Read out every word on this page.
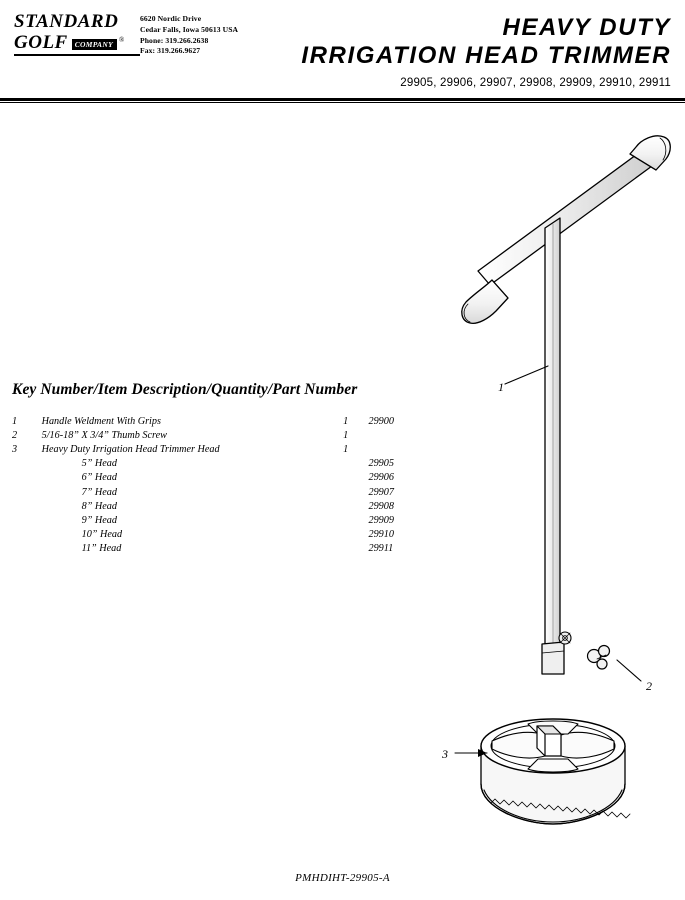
STANDARD
GOLF COMPANY ®
6620 Nordic Drive
Cedar Falls, Iowa 50613 USA
Phone: 319.266.2638
Fax: 319.266.9627
HEAVY DUTY
IRRIGATION HEAD TRIMMER
29905, 29906, 29907, 29908, 29909, 29910, 29911
1
2
3
Key Number/Item Description/Quantity/Part Number
1	Handle Weldment With Grips	1	29900
2	5/16-18” X 3/4” Thumb Screw	1	
3	Heavy Duty Irrigation Head Trimmer Head	1	
	5” Head		29905
	6” Head		29906
	7” Head		29907
	8” Head		29908
	9” Head		29909
	10” Head		29910
	11” Head		29911
PMHDIHT-29905-A
